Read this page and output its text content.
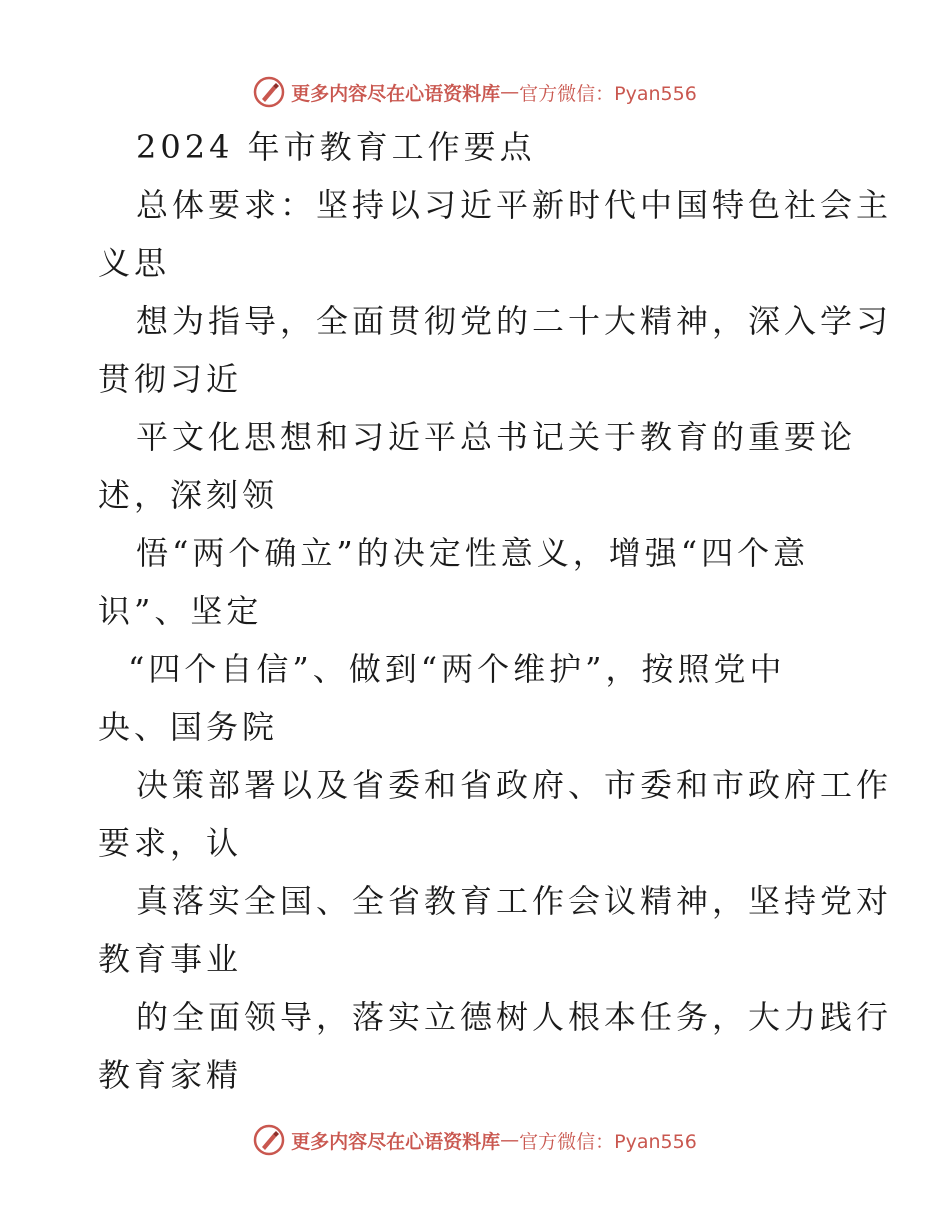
更多内容尽在心语资料库 — 官方微信：Pyan556
2024 年市教育工作要点
总体要求：坚持以习近平新时代中国特色社会主
义思
想为指导，全面贯彻党的二十大精神，深入学习
贯彻习近
平文化思想和习近平总书记关于教育的重要论
述，深刻领
悟“两个确立”的决定性意义，增强“四个意
识”、坚定
“四个自信”、做到“两个维护”，按照党中
央、国务院
决策部署以及省委和省政府、市委和市政府工作
要求，认
真落实全国、全省教育工作会议精神，坚持党对
教育事业
的全面领导，落实立德树人根本任务，大力践行
教育家精
更多内容尽在心语资料库 — 官方微信：Pyan556
